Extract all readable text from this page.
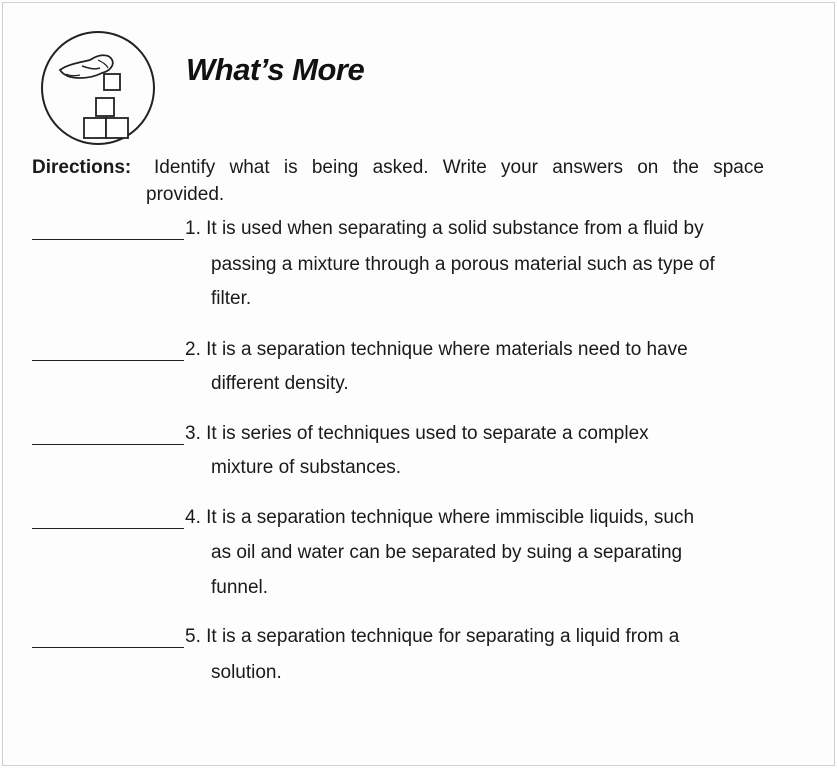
What’s More
Directions:	Identify what is being asked. Write your answers on the space
provided.
1. It is used when separating a solid substance from a fluid by
passing a mixture through a porous material such as type of
filter.
2. It is a separation technique where materials need to have
different density.
3. It is series of techniques used to separate a complex
mixture of substances.
4. It is a separation technique where immiscible liquids, such
as oil and water can be separated by suing a separating
funnel.
5. It is a separation technique for separating a liquid from a
solution.
